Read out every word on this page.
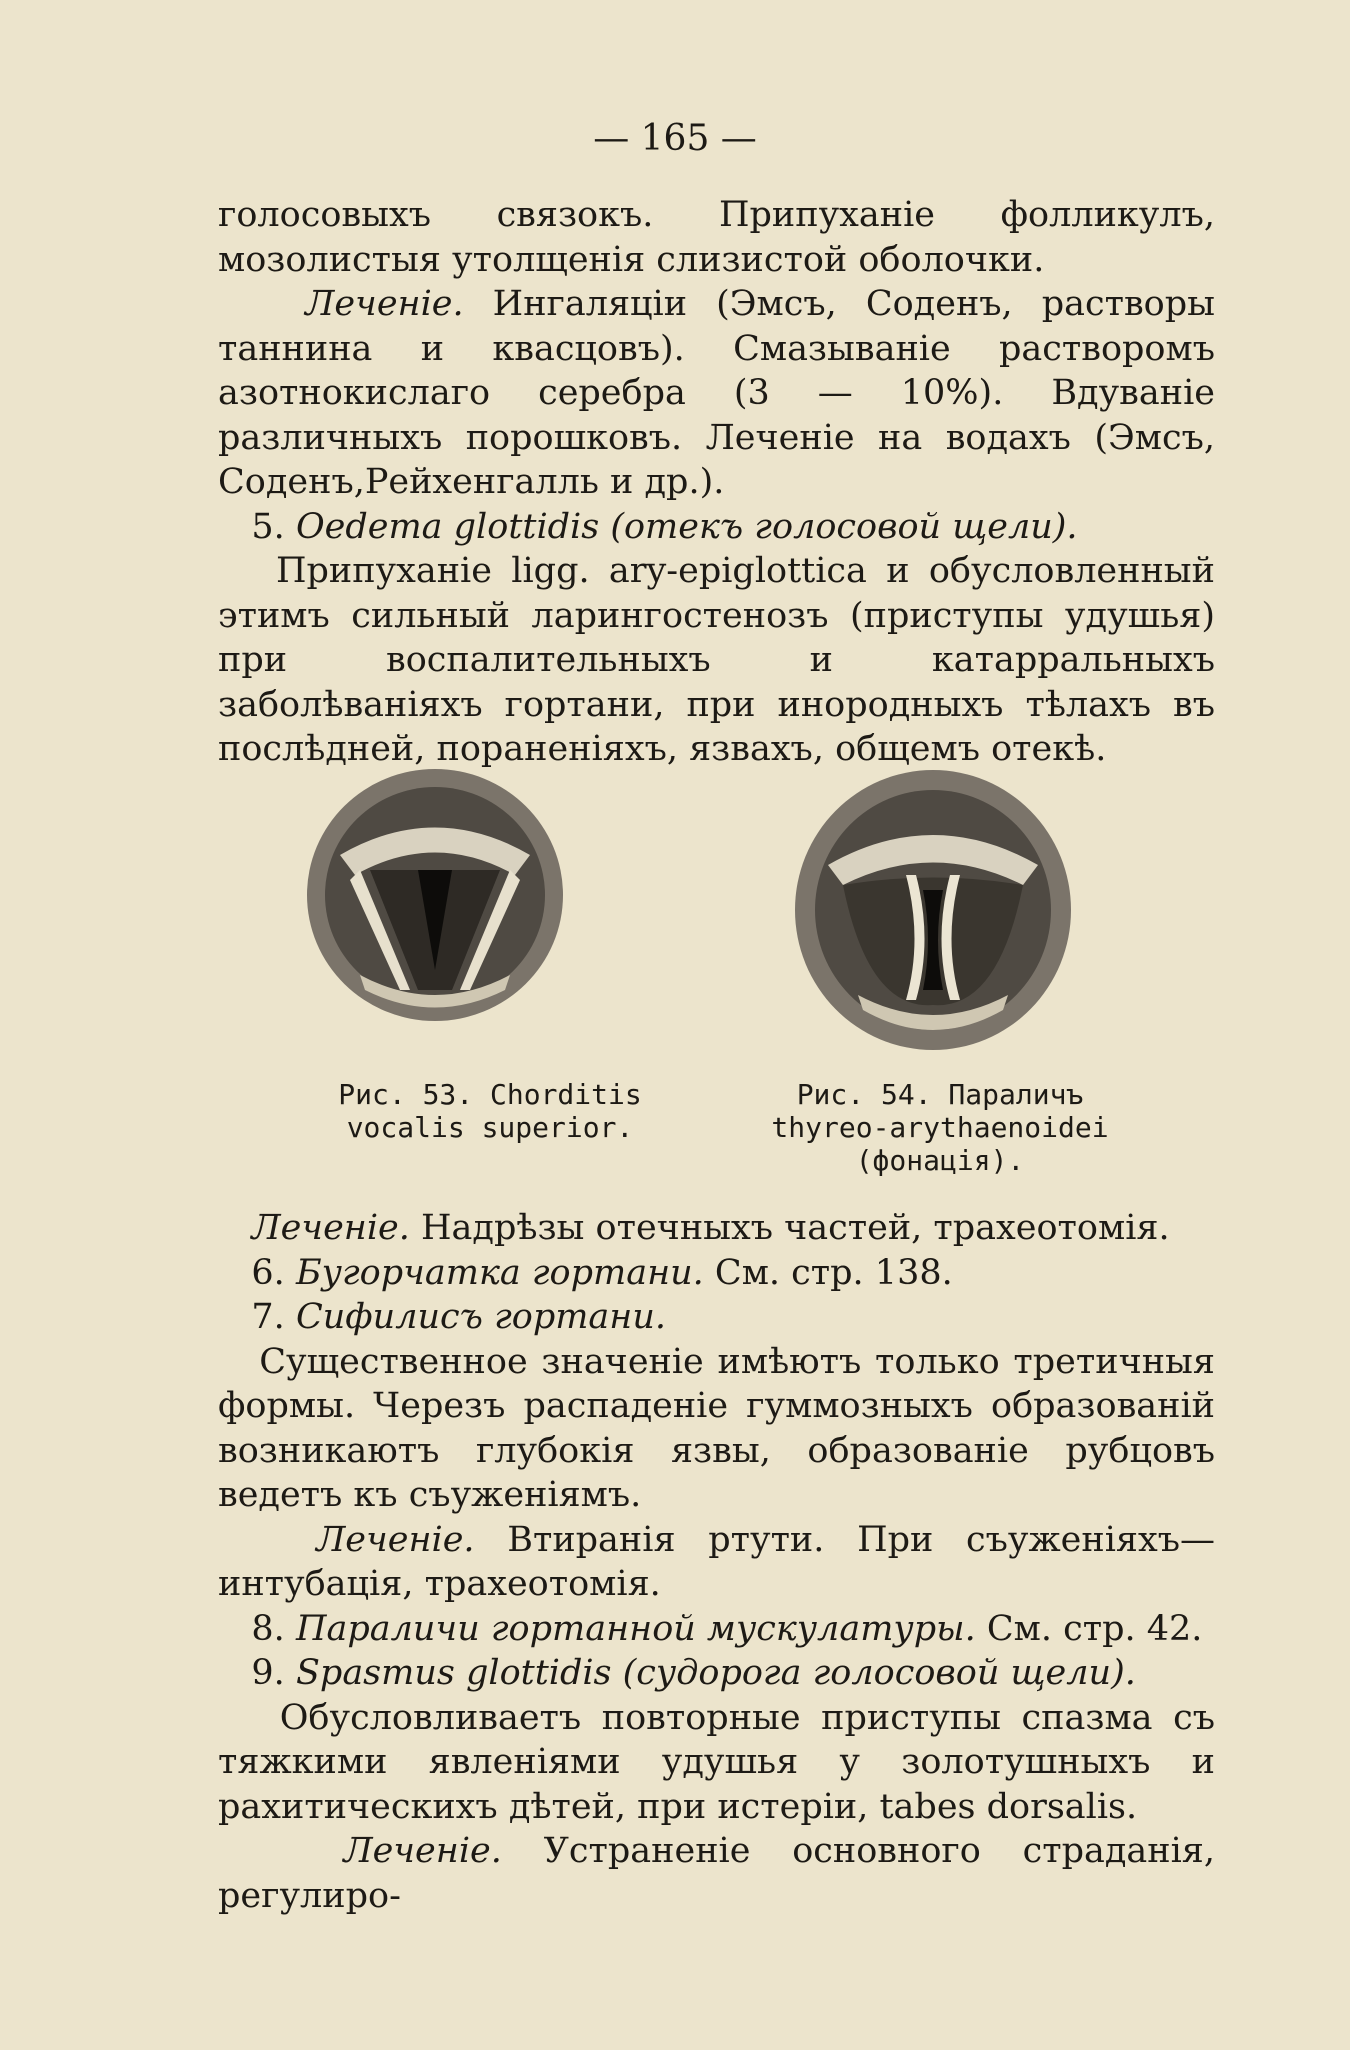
— 165 —

голосовыхъ связокъ. Припуханіе фолликулъ, мозолистыя утолщенія слизистой оболочки.

Леченіе. Ингаляціи (Эмсъ, Соденъ, растворы таннина и квасцовъ). Смазываніе растворомъ азотнокислаго серебра (3 — 10%). Вдуваніе различныхъ порошковъ. Леченіе на водахъ (Эмсъ, Соденъ,Рейхенгалль и др.).

5. Oedema glottidis (отекъ голосовой щели).

Припуханіе ligg. ary-epiglottica и обусловленный этимъ сильный ларингостенозъ (приступы удушья) при воспалительныхъ и катарральныхъ заболѣваніяхъ гортани, при инородныхъ тѣлахъ въ послѣдней, пораненіяхъ, язвахъ, общемъ отекѣ.

Рис. 53. Chorditis
vocalis superior.
Рис. 54. Параличъ
thyreo-arythaenoidei
(фонація).

Леченіе. Надрѣзы отечныхъ частей, трахеотомія.

6. Бугорчатка гортани. См. стр. 138.

7. Сифилисъ гортани.

Существенное значеніе имѣютъ только третичныя формы. Черезъ распаденіе гуммозныхъ образованій возникаютъ глубокія язвы, образованіе рубцовъ ведетъ къ съуженіямъ.

Леченіе. Втиранія ртути. При съуженіяхъ—интубація, трахеотомія.

8. Параличи гортанной мускулатуры. См. стр. 42.

9. Spasmus glottidis (судорога голосовой щели).

Обусловливаетъ повторные приступы спазма съ тяжкими явленіями удушья у золотушныхъ и рахитическихъ дѣтей, при истеріи, tabes dorsalis.

Леченіе. Устраненіе основного страданія, регулиро-
